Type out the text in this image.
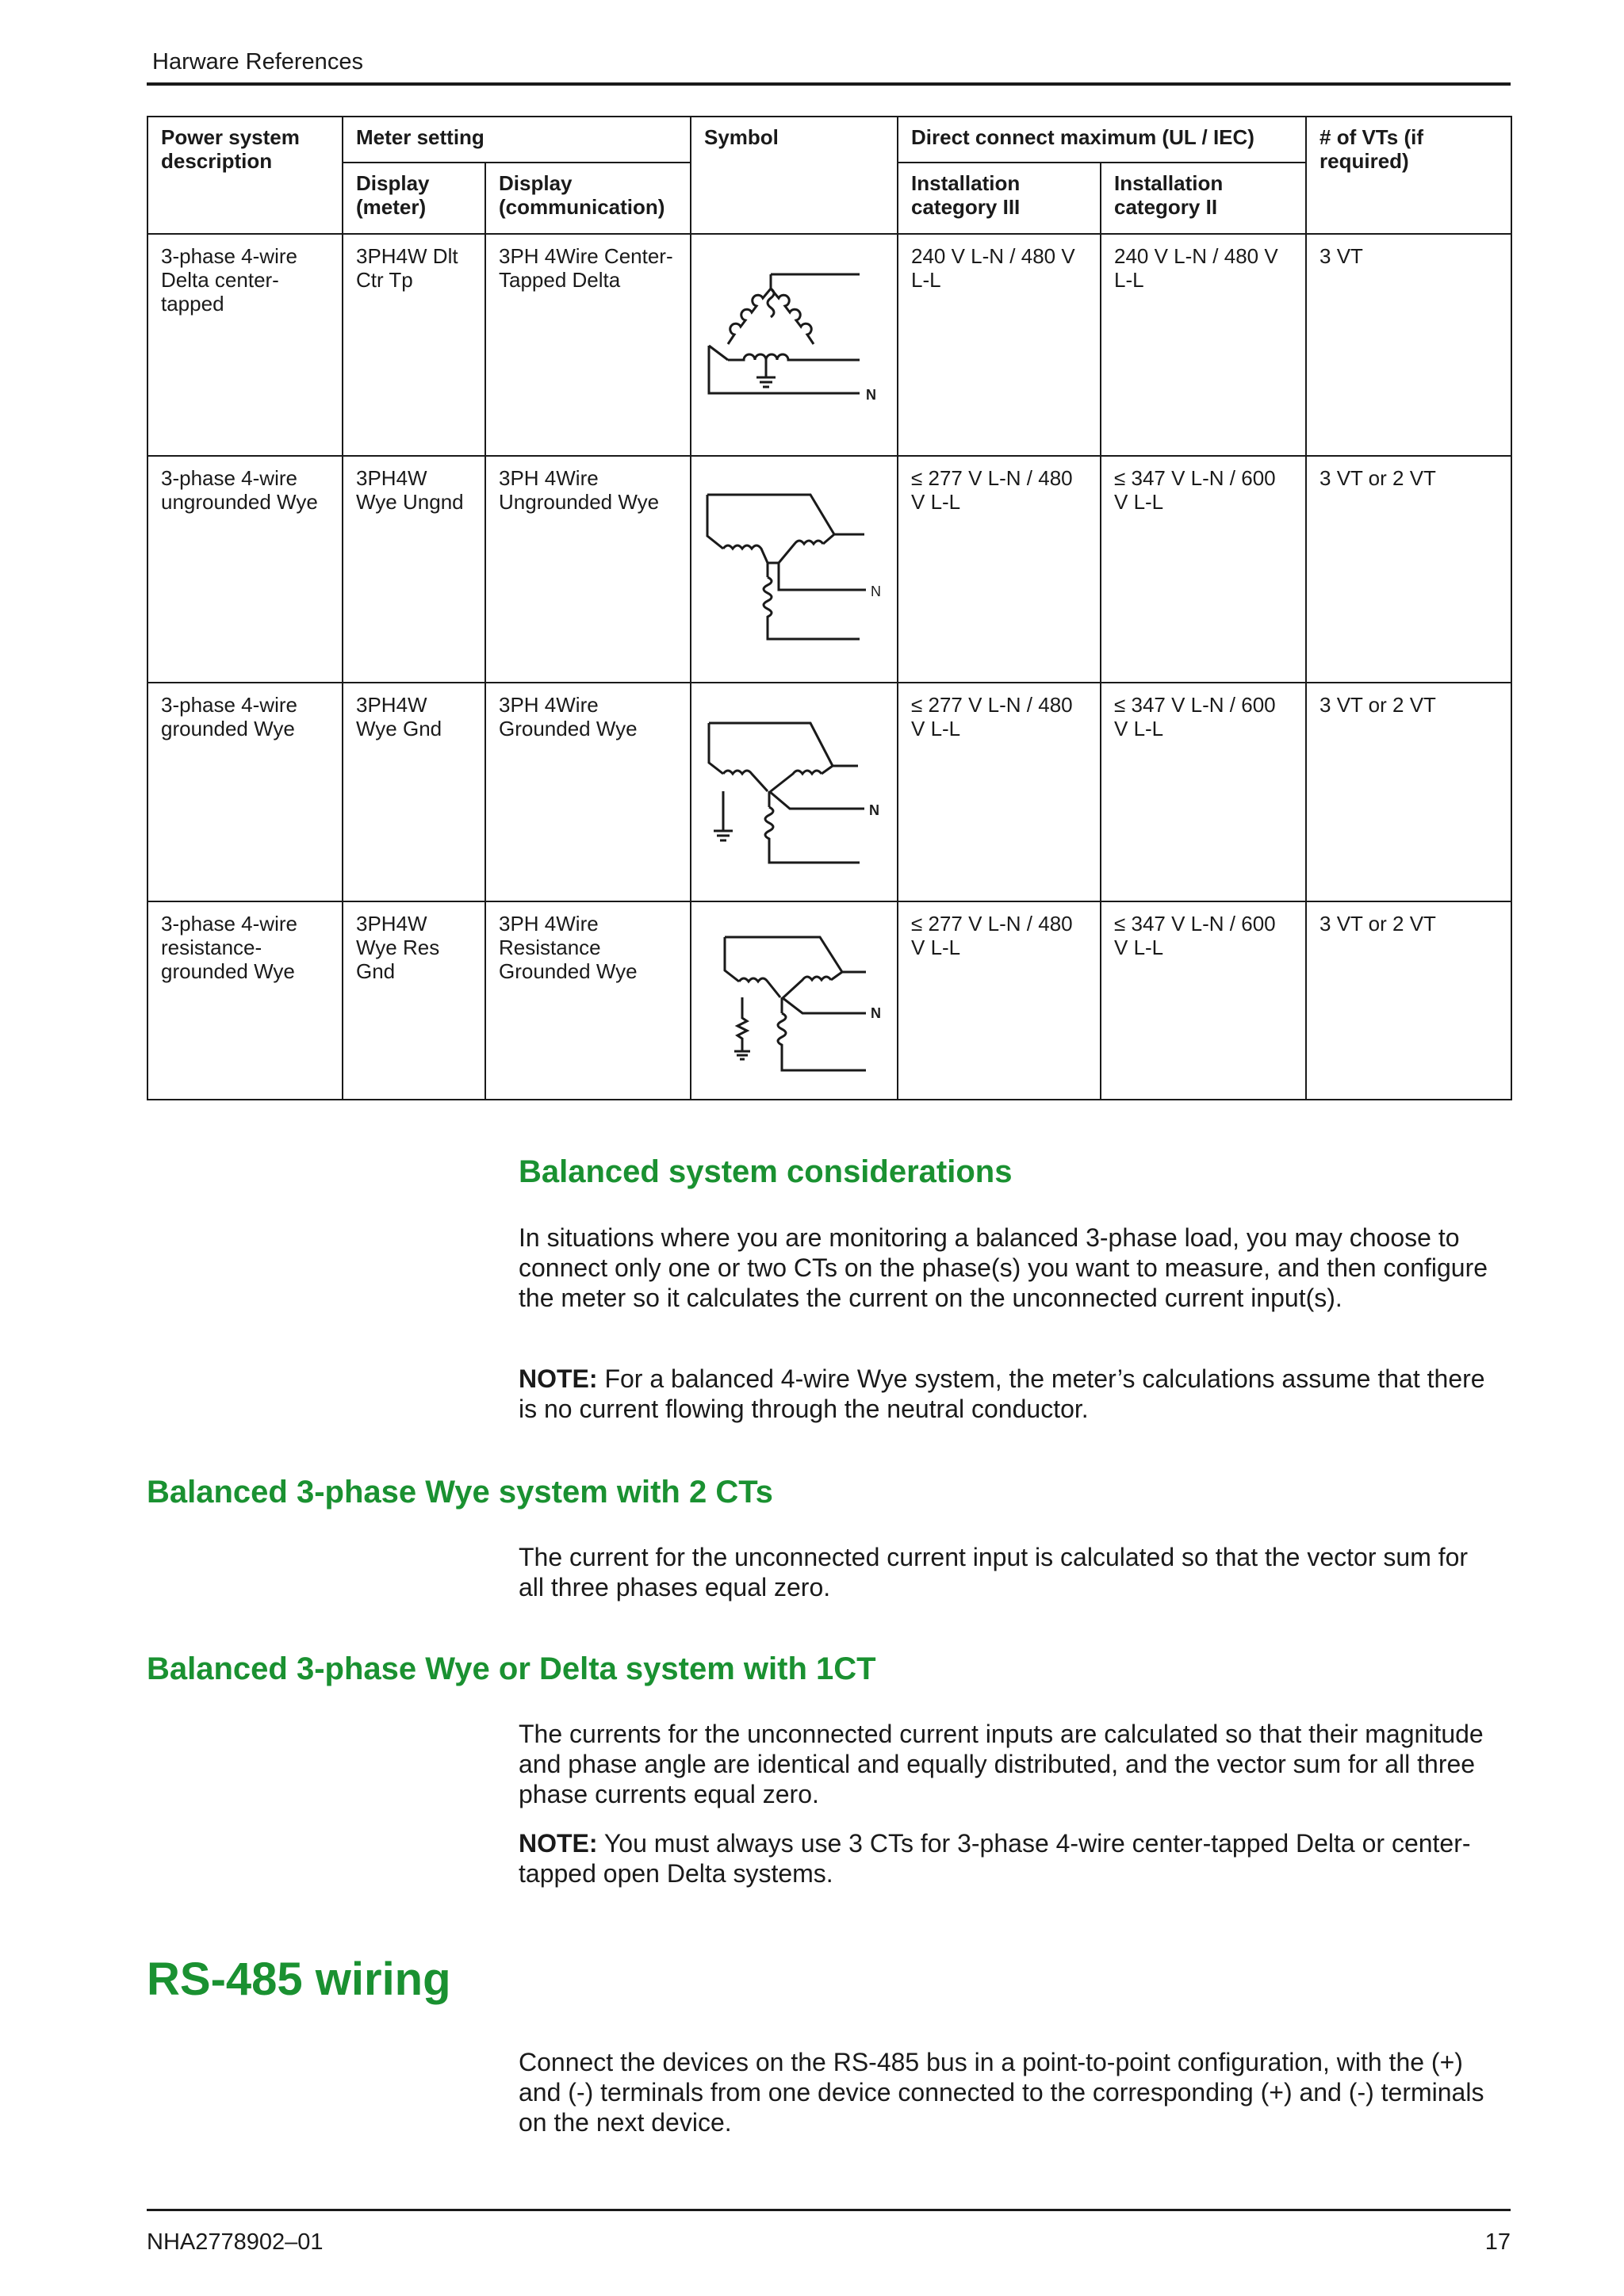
Harware References
Power system description	Meter setting		Symbol	Direct connect maximum (UL / IEC)		# of VTs (if required)
	Display (meter)	Display (communication)		Installation category III	Installation category II	
3-phase 4-wire Delta center-tapped	3PH4W Dlt Ctr Tp	3PH 4Wire Center-Tapped Delta	N	240 V L-N / 480 V L-L	240 V L-N / 480 V L-L	3 VT
3-phase 4-wire ungrounded Wye	3PH4W Wye Ungnd	3PH 4Wire Ungrounded Wye	N	≤ 277 V L-N / 480 V L-L	≤ 347 V L-N / 600 V L-L	3 VT or 2 VT
3-phase 4-wire grounded Wye	3PH4W Wye Gnd	3PH 4Wire Grounded Wye	N	≤ 277 V L-N / 480 V L-L	≤ 347 V L-N / 600 V L-L	3 VT or 2 VT
3-phase 4-wire resistance-grounded Wye	3PH4W Wye Res Gnd	3PH 4Wire Resistance Grounded Wye	N	≤ 277 V L-N / 480 V L-L	≤ 347 V L-N / 600 V L-L	3 VT or 2 VT
Balanced system considerations
In situations where you are monitoring a balanced 3-phase load, you may choose to connect only one or two CTs on the phase(s) you want to measure, and then configure the meter so it calculates the current on the unconnected current input(s).
NOTE: For a balanced 4-wire Wye system, the meter’s calculations assume that there is no current flowing through the neutral conductor.
Balanced 3-phase Wye system with 2 CTs
The current for the unconnected current input is calculated so that the vector sum for all three phases equal zero.
Balanced 3-phase Wye or Delta system with 1CT
The currents for the unconnected current inputs are calculated so that their magnitude and phase angle are identical and equally distributed, and the vector sum for all three phase currents equal zero.
NOTE: You must always use 3 CTs for 3-phase 4-wire center-tapped Delta or center-tapped open Delta systems.
RS-485 wiring
Connect the devices on the RS-485 bus in a point-to-point configuration, with the (+) and (-) terminals from one device connected to the corresponding (+) and (-) terminals on the next device.
NHA2778902–01	17
